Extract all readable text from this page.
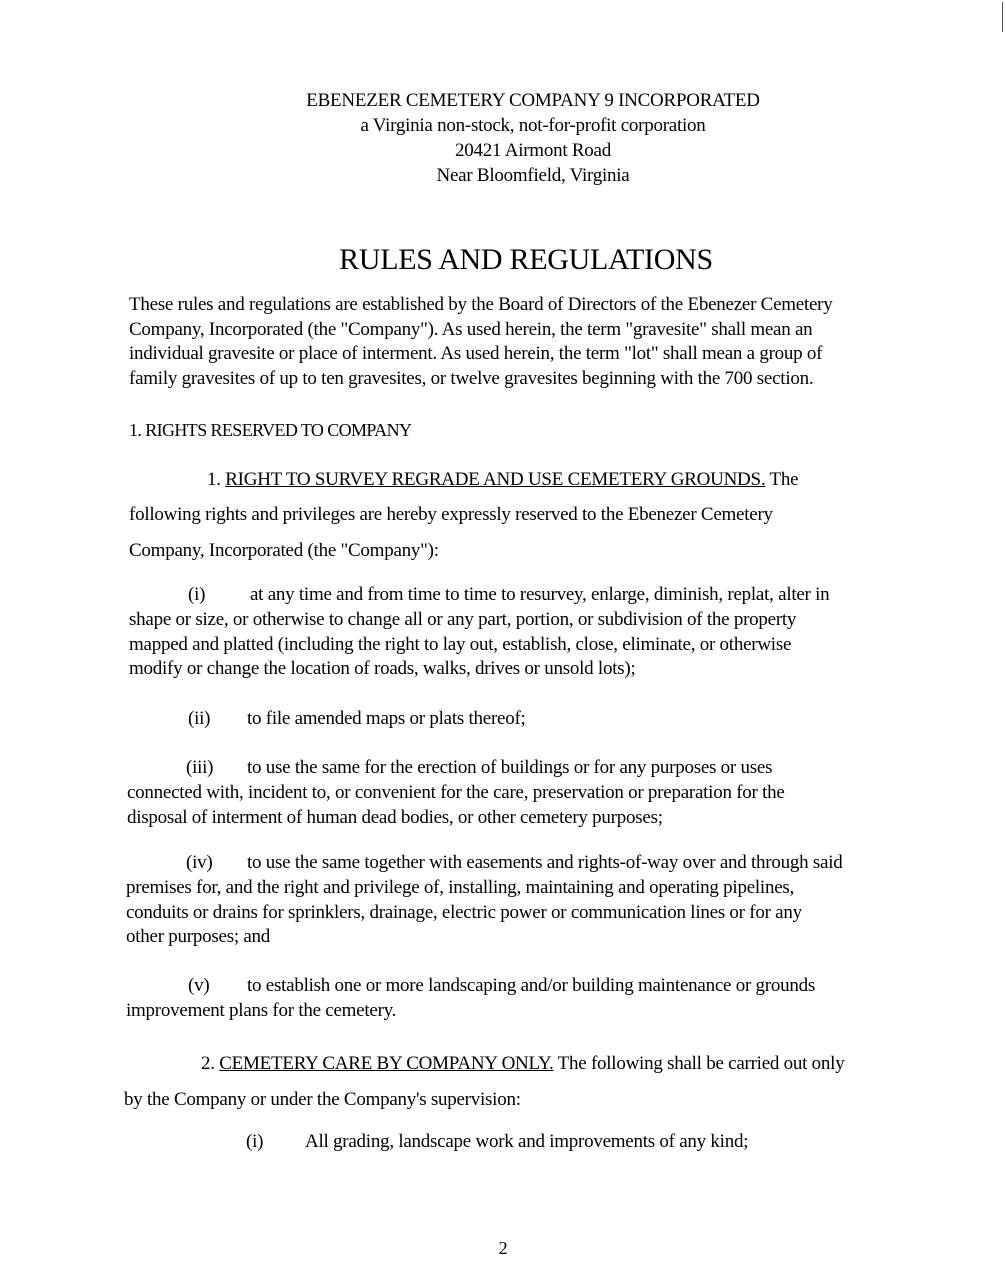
EBENEZER CEMETERY COMPANY 9 INCORPORATED
a Virginia non-stock, not-for-profit corporation
20421 Airmont Road
Near Bloomfield, Virginia
RULES AND REGULATIONS
These rules and regulations are established by the Board of Directors of the Ebenezer Cemetery
Company, Incorporated (the "Company"). As used herein, the term "gravesite" shall mean an
individual gravesite or place of interment. As used herein, the term "lot" shall mean a group of
family gravesites of up to ten gravesites, or twelve gravesites beginning with the 700 section.
1. RIGHTS RESERVED TO COMPANY
1. RIGHT TO SURVEY REGRADE AND USE CEMETERY GROUNDS. The
following rights and privileges are hereby expressly reserved to the Ebenezer Cemetery
Company, Incorporated (the "Company"):
(i) at any time and from time to time to resurvey, enlarge, diminish, replat, alter in
shape or size, or otherwise to change all or any part, portion, or subdivision of the property
mapped and platted (including the right to lay out, establish, close, eliminate, or otherwise
modify or change the location of roads, walks, drives or unsold lots);
(ii) to file amended maps or plats thereof;
(iii) to use the same for the erection of buildings or for any purposes or uses
connected with, incident to, or convenient for the care, preservation or preparation for the
disposal of interment of human dead bodies, or other cemetery purposes;
(iv) to use the same together with easements and rights-of-way over and through said
premises for, and the right and privilege of, installing, maintaining and operating pipelines,
conduits or drains for sprinklers, drainage, electric power or communication lines or for any
other purposes; and
(v) to establish one or more landscaping and/or building maintenance or grounds
improvement plans for the cemetery.
2. CEMETERY CARE BY COMPANY ONLY. The following shall be carried out only
by the Company or under the Company's supervision:
(i) All grading, landscape work and improvements of any kind;
2
